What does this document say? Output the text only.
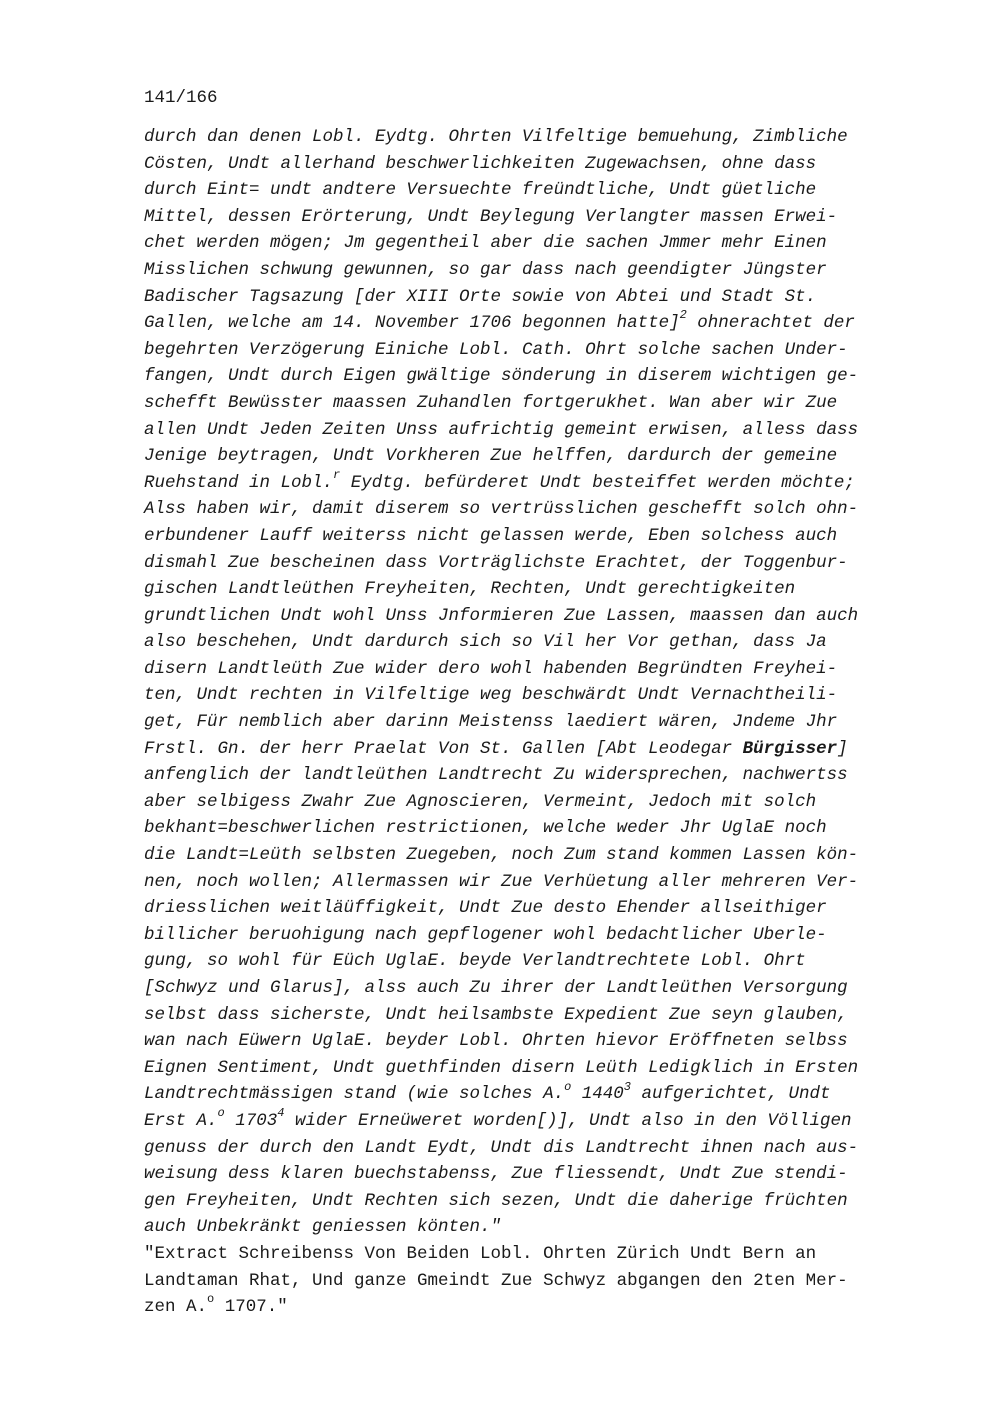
141/166
durch dan denen Lobl. Eydtg. Ohrten Vilfeltige bemuehung, Zimbliche
Cösten, Undt allerhand beschwerlichkeiten Zugewachsen, ohne dass
durch Eint= undt andtere Versuechte freündtliche, Undt güetliche
Mittel, dessen Erörterung, Undt Beylegung Verlangter massen Erwei-
chet werden mögen; Jm gegentheil aber die sachen Jmmer mehr Einen
Misslichen schwung gewunnen, so gar dass nach geendigter Jüngster
Badischer Tagsazung [der XIII Orte sowie von Abtei und Stadt St.
Gallen, welche am 14. November 1706 begonnen hatte]$^2$ ohnerachtet der
begehrten Verzögerung Einiche Lobl. Cath. Ohrt solche sachen Under-
fangen, Undt durch Eigen gwältige sönderung in diserem wichtigen ge-
schefft Bewüsster maassen Zuhandlen fortgerukhet. Wan aber wir Zue
allen Undt Jeden Zeiten Unss aufrichtig gemeint erwisen, alless dass
Jenige beytragen, Undt Vorkheren Zue helffen, dardurch der gemeine
Ruehstand in Lobl.$^r$ Eydtg. befürderet Undt besteiffet werden möchte;
Alss haben wir, damit diserem so vertrüsslichen geschefft solch ohn-
erbundener Lauff weiterss nicht gelassen werde, Eben solchess auch
dismahl Zue bescheinen dass Vorträglichste Erachtet, der Toggenbur-
gischen Landtleüthen Freyheiten, Rechten, Undt gerechtigkeiten
grundtlichen Undt wohl Unss Jnformieren Zue Lassen, maassen dan auch
also beschehen, Undt dardurch sich so Vil her Vor gethan, dass Ja
disern Landtleüth Zue wider dero wohl habenden Begründten Freyhei-
ten, Undt rechten in Vilfeltige weg beschwärdt Undt Vernachtheili-
get, Für nemblich aber darinn Meistenss laediert wären, Jndeme Jhr
Frstl. Gn. der herr Praelat Von St. Gallen [Abt Leodegar Bürgisser]
anfenglich der landtleüthen Landtrecht Zu widersprechen, nachwertss
aber selbigess Zwahr Zue Agnoscieren, Vermeint, Jedoch mit solch
bekhant=beschwerlichen restrictionen, welche weder Jhr UglaE noch
die Landt=Leüth selbsten Zuegeben, noch Zum stand kommen Lassen kön-
nen, noch wollen; Allermassen wir Zue Verhüetung aller mehreren Ver-
driesslichen weitläüffigkeit, Undt Zue desto Ehender allseithiger
billicher beruohigung nach gepflogener wohl bedachtlicher Uberle-
gung, so wohl für Eüch UglaE. beyde Verlandtrechtete Lobl. Ohrt
[Schwyz und Glarus], alss auch Zu ihrer der Landtleüthen Versorgung
selbst dass sicherste, Undt heilsambste Expedient Zue seyn glauben,
wan nach Eüwern UglaE. beyder Lobl. Ohrten hievor Eröffneten selbss
Eignen Sentiment, Undt guethfinden disern Leüth Ledigklich in Ersten
Landtrechtmässigen stand (wie solches A.$^o$ 1440$^3$ aufgerichtet, Undt
Erst A.$^o$ 1703$^4$ wider Erneüweret worden[)], Undt also in den Völligen
genuss der durch den Landt Eydt, Undt dis Landtrecht ihnen nach aus-
weisung dess klaren buechstabenss, Zue fliessendt, Undt Zue stendi-
gen Freyheiten, Undt Rechten sich sezen, Undt die daherige früchten
auch Unbekränkt geniessen könten."
"Extract Schreibenss Von Beiden Lobl. Ohrten Zürich Undt Bern an
Landtaman Rhat, Und ganze Gmeindt Zue Schwyz abgangen den 2ten Mer-
zen A.$^o$ 1707."
